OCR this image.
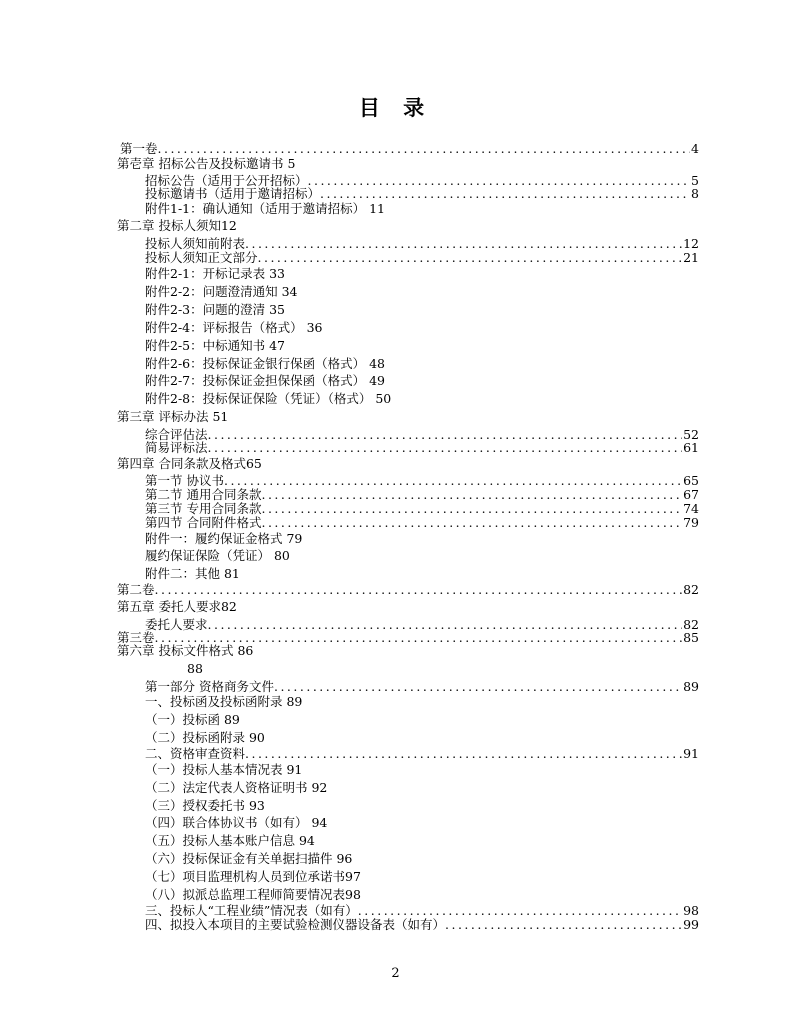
目 录
第一卷 .....	4
第壱章 招标公告及投标邀请书 5
招标公告（适用于公开招标） .....	5
投标邀请书（适用于邀请招标） .....	8
附件1-1：确认通知（适用于邀请招标） 11
第二章 投标人须知12
投标人须知前附表 .....	12
投标人须知正文部分 .....	21
附件2-1：开标记录表 33
附件2-2：问题澄清通知 34
附件2-3：问题的澄清 35
附件2-4：评标报告（格式） 36
附件2-5：中标通知书 47
附件2-6：投标保证金银行保函（格式） 48
附件2-7：投标保证金担保保函（格式） 49
附件2-8：投标保证保险（凭证）（格式） 50
第三章 评标办法 51
综合评估法 .....	52
简易评标法 .....	61
第四章 合同条款及格式65
第一节 协议书 .....	65
第二节 通用合同条款 .....	67
第三节 专用合同条款 .....	74
第四节 合同附件格式 .....	79
附件一：履约保证金格式 79
履约保证保险（凭证） 80
附件二：其他 81
第二卷 .....	82
第五章 委托人要求82
委托人要求 .....	82
第三卷 .....	85
第六章 投标文件格式 86
88
第一部分 资格商务文件 .....	89
一、投标函及投标函附录 89
（一）投标函 89
（二）投标函附录 90
二、资格审查资料 .....	91
（一）投标人基本情况表 91
（二）法定代表人资格证明书 92
（三）授权委托书 93
（四）联合体协议书（如有） 94
（五）投标人基本账户信息 94
（六）投标保证金有关单据扫描件 96
（七）项目监理机构人员到位承诺书97
（八）拟派总监理工程师简要情况表98
三、投标人“工程业绩”情况表（如有） .....	98
四、拟投入本项目的主要试验检测仪器设备表（如有） .....	99
2
